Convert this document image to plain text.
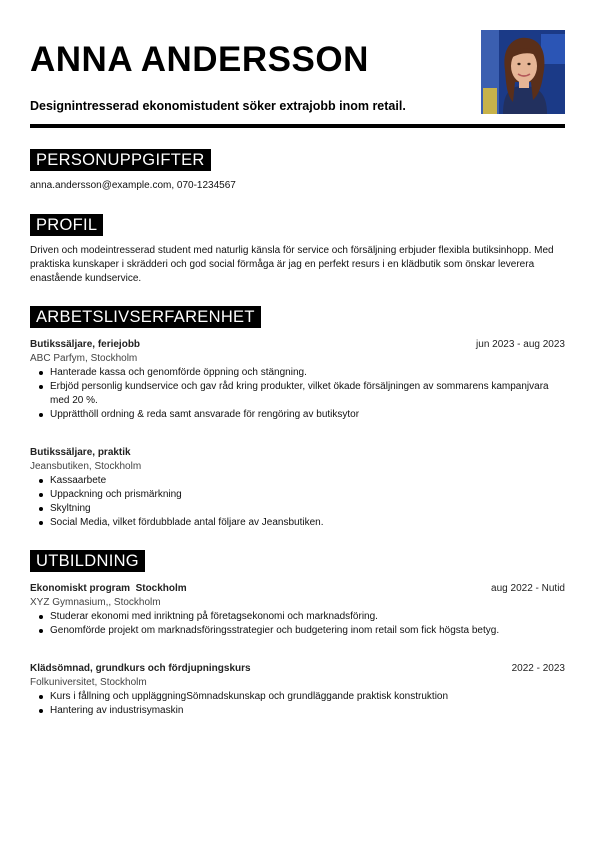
ANNA ANDERSSON
Designintresserad ekonomistudent söker extrajobb inom retail.
PERSONUPPGIFTER
anna.andersson@example.com, 070-1234567
PROFIL
Driven och modeintresserad student med naturlig känsla för service och försäljning erbjuder flexibla butiksinhopp. Med praktiska kunskaper i skrädderi och god social förmåga är jag en perfekt resurs i en klädbutik som önskar leverera enastående kundservice.
ARBETSLIVSERFARENHET
Butikssäljare, feriejobb	jun 2023 - aug 2023
ABC Parfym, Stockholm
Hanterade kassa och genomförde öppning och stängning.
Erbjöd personlig kundservice och gav råd kring produkter, vilket ökade försäljningen av sommarens kampanjvara med 20 %.
Upprätthöll ordning & reda samt ansvarade för rengöring av butiksytor
Butikssäljare, praktik
Jeansbutiken, Stockholm
Kassaarbete
Uppackning och prismärkning
Skyltning
Social Media, vilket fördubblade antal följare av Jeansbutiken.
UTBILDNING
Ekonomiskt program  Stockholm	aug 2022 - Nutid
XYZ Gymnasium,, Stockholm
Studerar ekonomi med inriktning på företagsekonomi och marknadsföring.
Genomförde projekt om marknadsföringsstrategier och budgetering inom retail som fick högsta betyg.
Klädsömnad, grundkurs och fördjupningskurs	2022 - 2023
Folkuniversitet, Stockholm
Kurs i fållning och uppläggningSömnadskunskap och grundläggande praktisk konstruktion
Hantering av industrisymaskin
